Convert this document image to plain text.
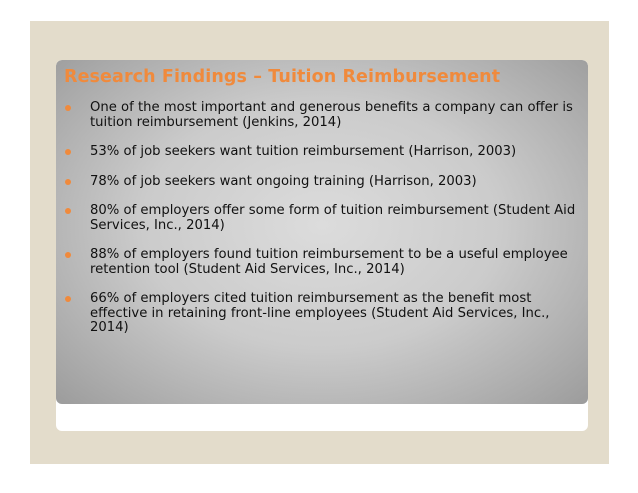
Research Findings – Tuition Reimbursement
One of the most important and generous benefits a company can offer is tuition reimbursement (Jenkins, 2014)
53% of job seekers want tuition reimbursement (Harrison, 2003)
78% of job seekers want ongoing training (Harrison, 2003)
80% of employers offer some form of tuition reimbursement (Student Aid Services, Inc., 2014)
88% of employers found tuition reimbursement to be a useful employee retention tool (Student Aid Services, Inc., 2014)
66% of employers cited tuition reimbursement as the benefit most effective in retaining front-line employees (Student Aid Services, Inc., 2014)
